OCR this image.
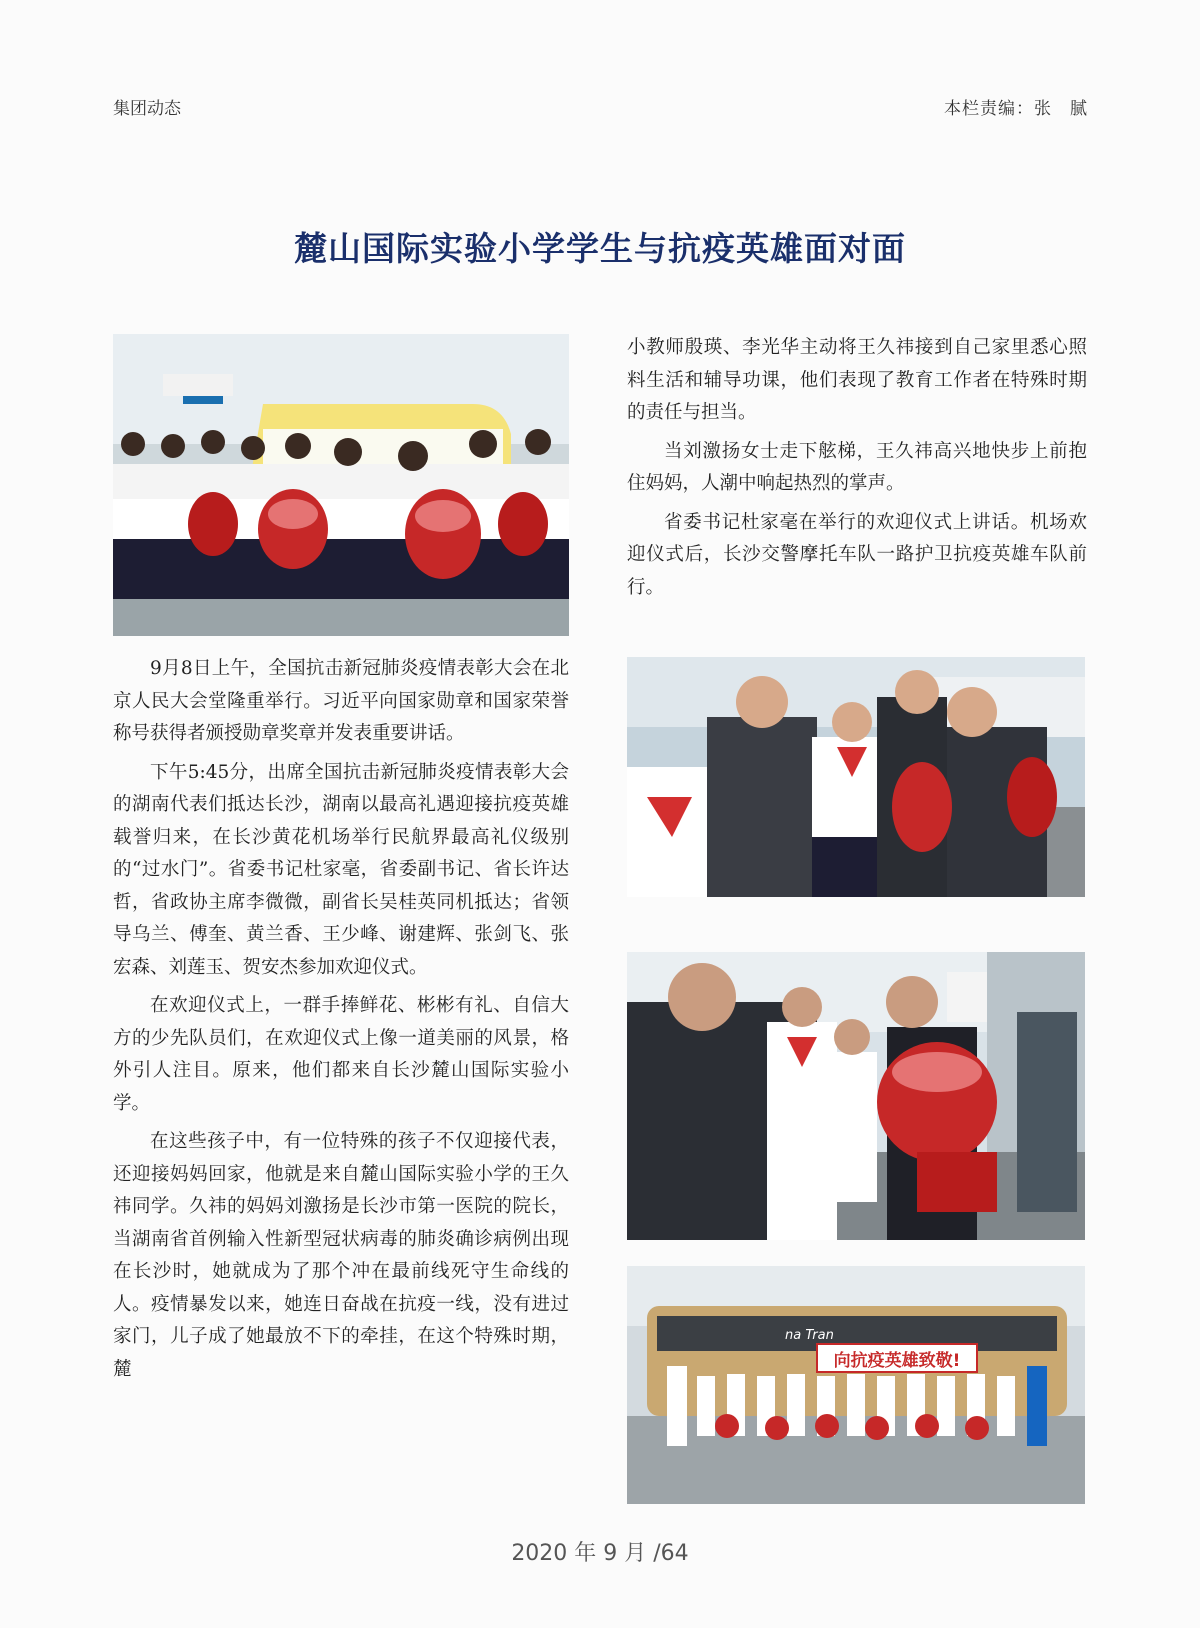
集团动态	本栏责编：张　腻
麓山国际实验小学学生与抗疫英雄面对面

9月8日上午，全国抗击新冠肺炎疫情表彰大会在北京人民大会堂隆重举行。习近平向国家勋章和国家荣誉称号获得者颁授勋章奖章并发表重要讲话。

下午5:45分，出席全国抗击新冠肺炎疫情表彰大会的湖南代表们抵达长沙，湖南以最高礼遇迎接抗疫英雄载誉归来，在长沙黄花机场举行民航界最高礼仪级别的“过水门”。省委书记杜家毫，省委副书记、省长许达哲，省政协主席李微微，副省长吴桂英同机抵达；省领导乌兰、傅奎、黄兰香、王少峰、谢建辉、张剑飞、张宏森、刘莲玉、贺安杰参加欢迎仪式。

在欢迎仪式上，一群手捧鲜花、彬彬有礼、自信大方的少先队员们，在欢迎仪式上像一道美丽的风景，格外引人注目。原来，他们都来自长沙麓山国际实验小学。

在这些孩子中，有一位特殊的孩子不仅迎接代表，还迎接妈妈回家，他就是来自麓山国际实验小学的王久祎同学。久祎的妈妈刘激扬是长沙市第一医院的院长，当湖南省首例输入性新型冠状病毒的肺炎确诊病例出现在长沙时，她就成为了那个冲在最前线死守生命线的人。疫情暴发以来，她连日奋战在抗疫一线，没有进过家门，儿子成了她最放不下的牵挂，在这个特殊时期，麓

小教师殷瑛、李光华主动将王久祎接到自己家里悉心照料生活和辅导功课，他们表现了教育工作者在特殊时期的责任与担当。

当刘激扬女士走下舷梯，王久祎高兴地快步上前抱住妈妈，人潮中响起热烈的掌声。

省委书记杜家毫在举行的欢迎仪式上讲话。机场欢迎仪式后，长沙交警摩托车队一路护卫抗疫英雄车队前行。

na Tran
向抗疫英雄致敬!
2020 年 9 月 /64
